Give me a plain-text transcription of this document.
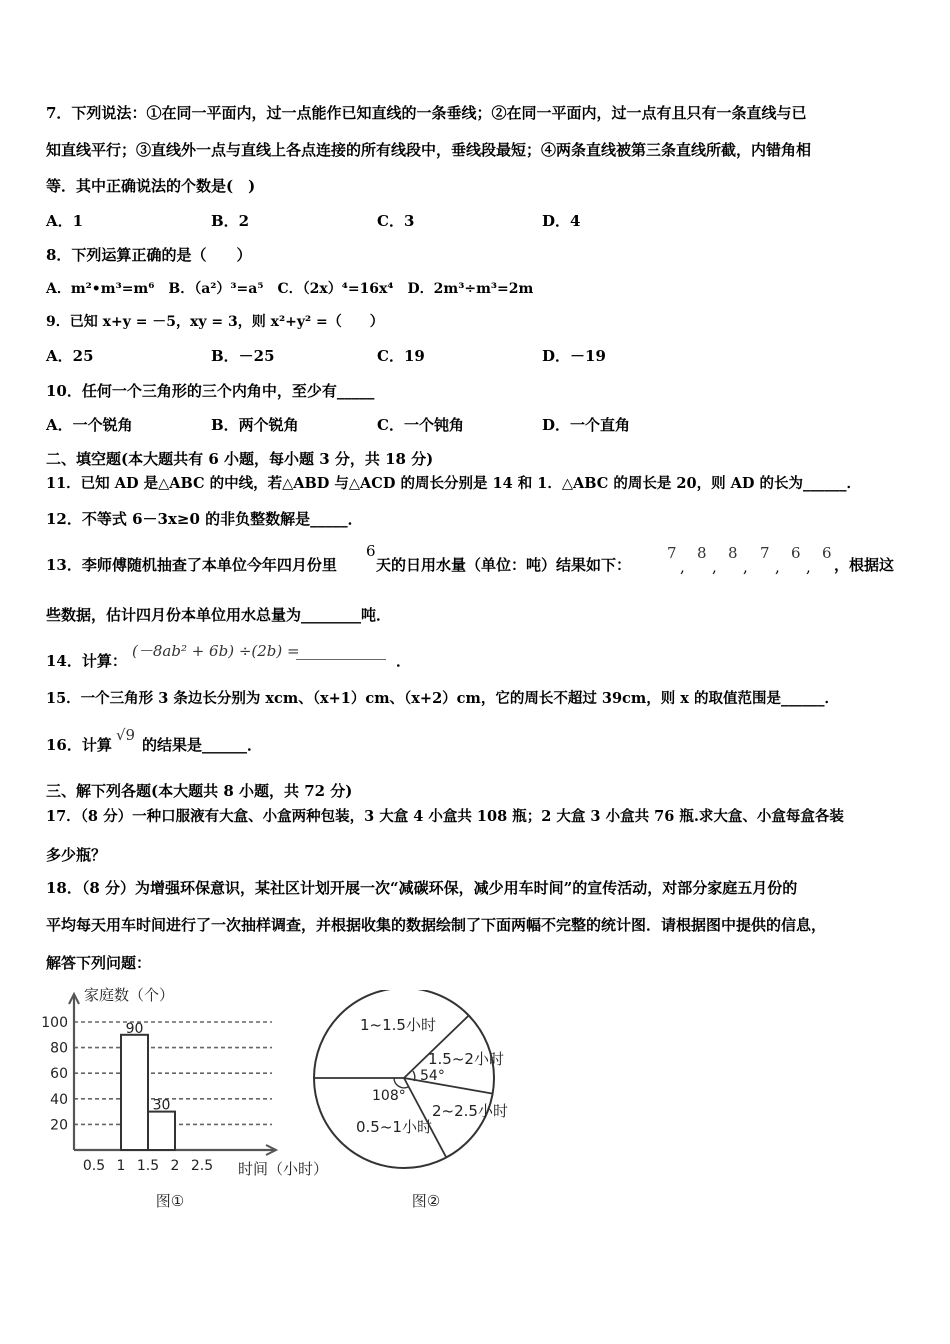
7．下列说法：①在同一平面内，过一点能作已知直线的一条垂线；②在同一平面内，过一点有且只有一条直线与已
知直线平行；③直线外一点与直线上各点连接的所有线段中，垂线段最短；④两条直线被第三条直线所截，内错角相
等．其中正确说法的个数是(　)
A．1	B．2	C．3	D．4
8．下列运算正确的是（　　）
A．m²•m³=m⁶　B．（a²）³=a⁵　C．（2x）⁴=16x⁴　D．2m³÷m³=2m
9．已知 x+y = －5，xy = 3，则 x²+y² =（　　）
A．25	B．－25	C．19	D．－19
10．任何一个三角形的三个内角中，至少有_____
A．一个锐角	B．两个锐角	C．一个钝角	D．一个直角
二、填空题(本大题共有 6 小题，每小题 3 分，共 18 分)
11．已知 AD 是△ABC 的中线，若△ABD 与△ACD 的周长分别是 14 和 1．△ABC 的周长是 20，则 AD 的长为______．
12．不等式 6－3x≥0 的非负整数解是_____．
13．李师傅随机抽查了本单位今年四月份里
6
天的日用水量（单位：吨）结果如下：
7
,
8
,
8
,
7
,
6
,
6
，根据这
些数据，估计四月份本单位用水总量为________吨．
14．计算：
(－8ab² + 6b) ÷(2b) =
____________
．
15．一个三角形 3 条边长分别为 xcm、（x+1）cm、（x+2）cm，它的周长不超过 39cm，则 x 的取值范围是______．
16．计算
√9
的结果是______．
三、解下列各题(本大题共 8 小题，共 72 分)
17．（8 分）一种口服液有大盒、小盒两种包装，3 大盒 4 小盒共 108 瓶；2 大盒 3 小盒共 76 瓶.求大盒、小盒每盒各装
多少瓶？
18．（8 分）为增强环保意识，某社区计划开展一次“减碳环保，减少用车时间”的宣传活动，对部分家庭五月份的
平均每天用车时间进行了一次抽样调查，并根据收集的数据绘制了下面两幅不完整的统计图．请根据图中提供的信息，
解答下列问题：
20
40
60
80
100
家庭数（个）
0.5 1 1.5 2 2.5 时间（小时）
90
30
图①
1~1.5小时
1.5~2小时
2~2.5小时
0.5~1小时
54°
108°
图②
